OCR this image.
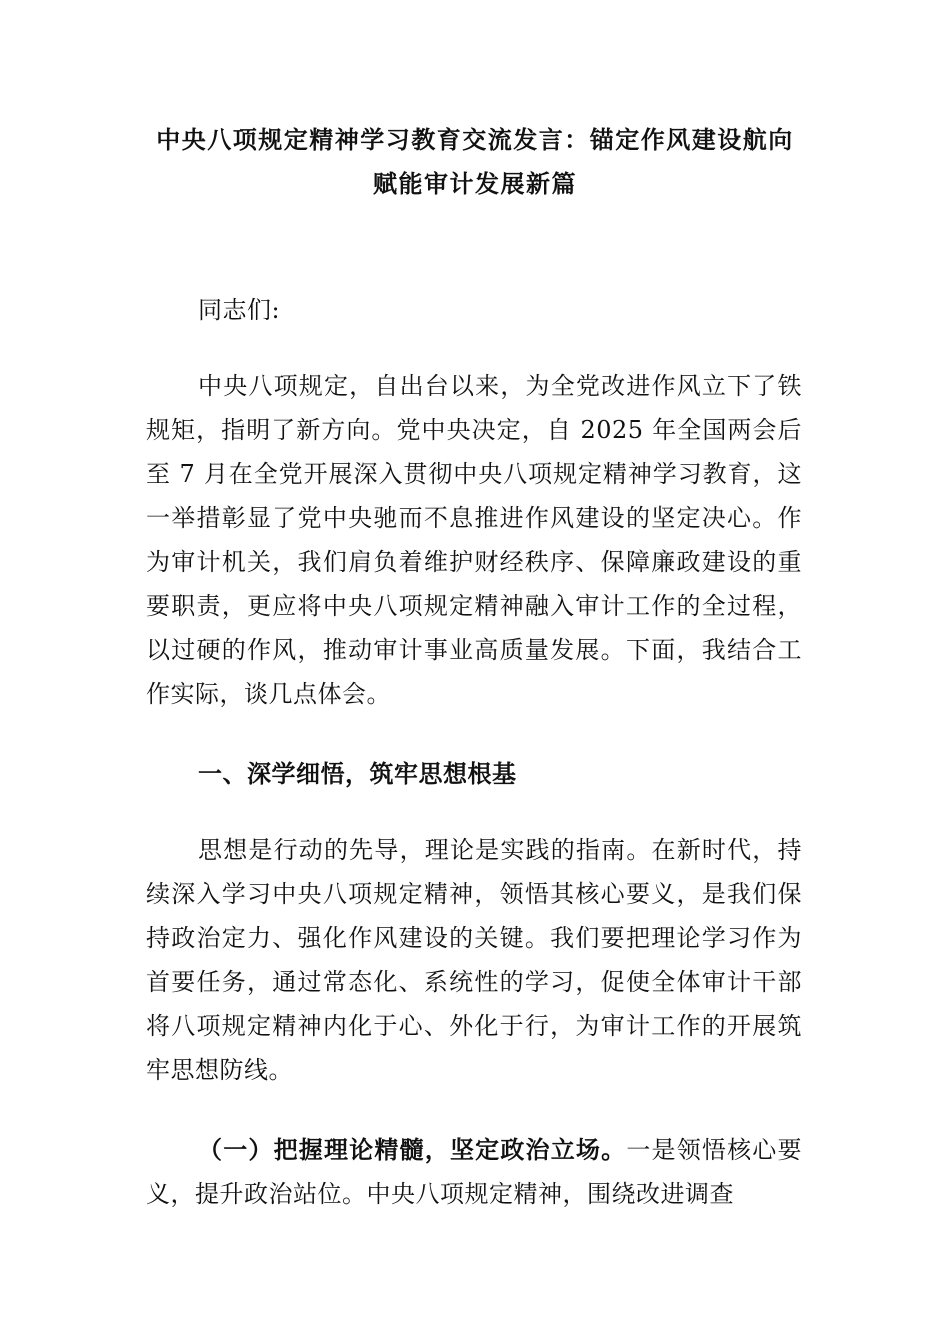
中央八项规定精神学习教育交流发言：锚定作风建设航向
赋能审计发展新篇
同志们:
中央八项规定，自出台以来，为全党改进作风立下了铁规矩，指明了新方向。党中央决定，自 2025 年全国两会后至 7 月在全党开展深入贯彻中央八项规定精神学习教育，这一举措彰显了党中央驰而不息推进作风建设的坚定决心。作为审计机关，我们肩负着维护财经秩序、保障廉政建设的重要职责，更应将中央八项规定精神融入审计工作的全过程，以过硬的作风，推动审计事业高质量发展。下面，我结合工作实际，谈几点体会。
一、深学细悟，筑牢思想根基
思想是行动的先导，理论是实践的指南。在新时代，持续深入学习中央八项规定精神，领悟其核心要义，是我们保持政治定力、强化作风建设的关键。我们要把理论学习作为首要任务，通过常态化、系统性的学习，促使全体审计干部将八项规定精神内化于心、外化于行，为审计工作的开展筑牢思想防线。
（一）把握理论精髓，坚定政治立场。一是领悟核心要义，提升政治站位。中央八项规定精神，围绕改进调查
